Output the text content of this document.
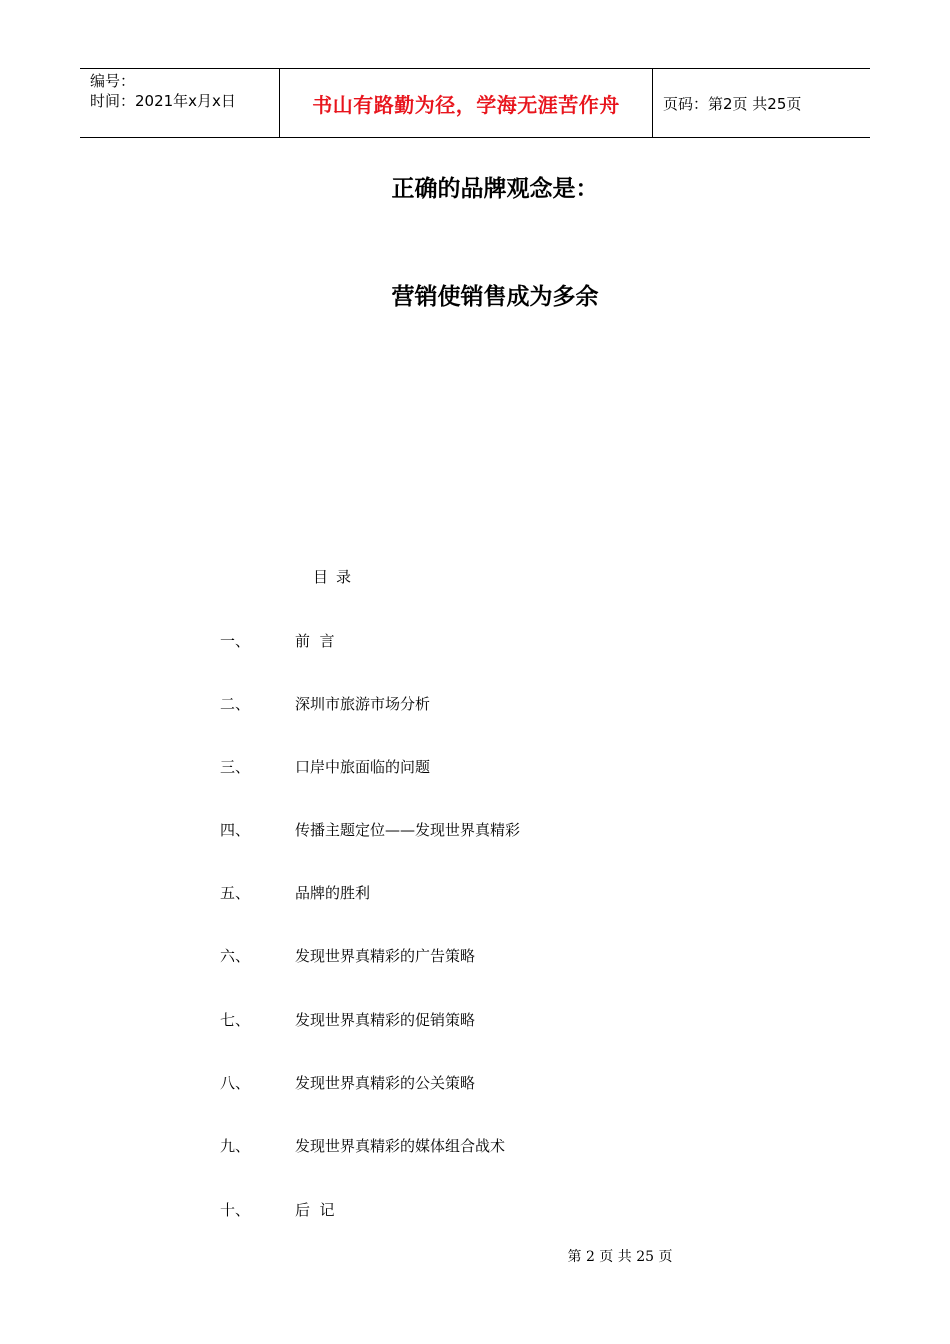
编号：
时间：2021年x月x日	书山有路勤为径，学海无涯苦作舟	页码：第2页 共25页
正确的品牌观念是：
营销使销售成为多余
目录
一、	前  言
二、	深圳市旅游市场分析
三、	口岸中旅面临的问题
四、	传播主题定位——发现世界真精彩
五、	品牌的胜利
六、	发现世界真精彩的广告策略
七、	发现世界真精彩的促销策略
八、	发现世界真精彩的公关策略
九、	发现世界真精彩的媒体组合战术
十、	后  记
第 2 页 共 25 页
